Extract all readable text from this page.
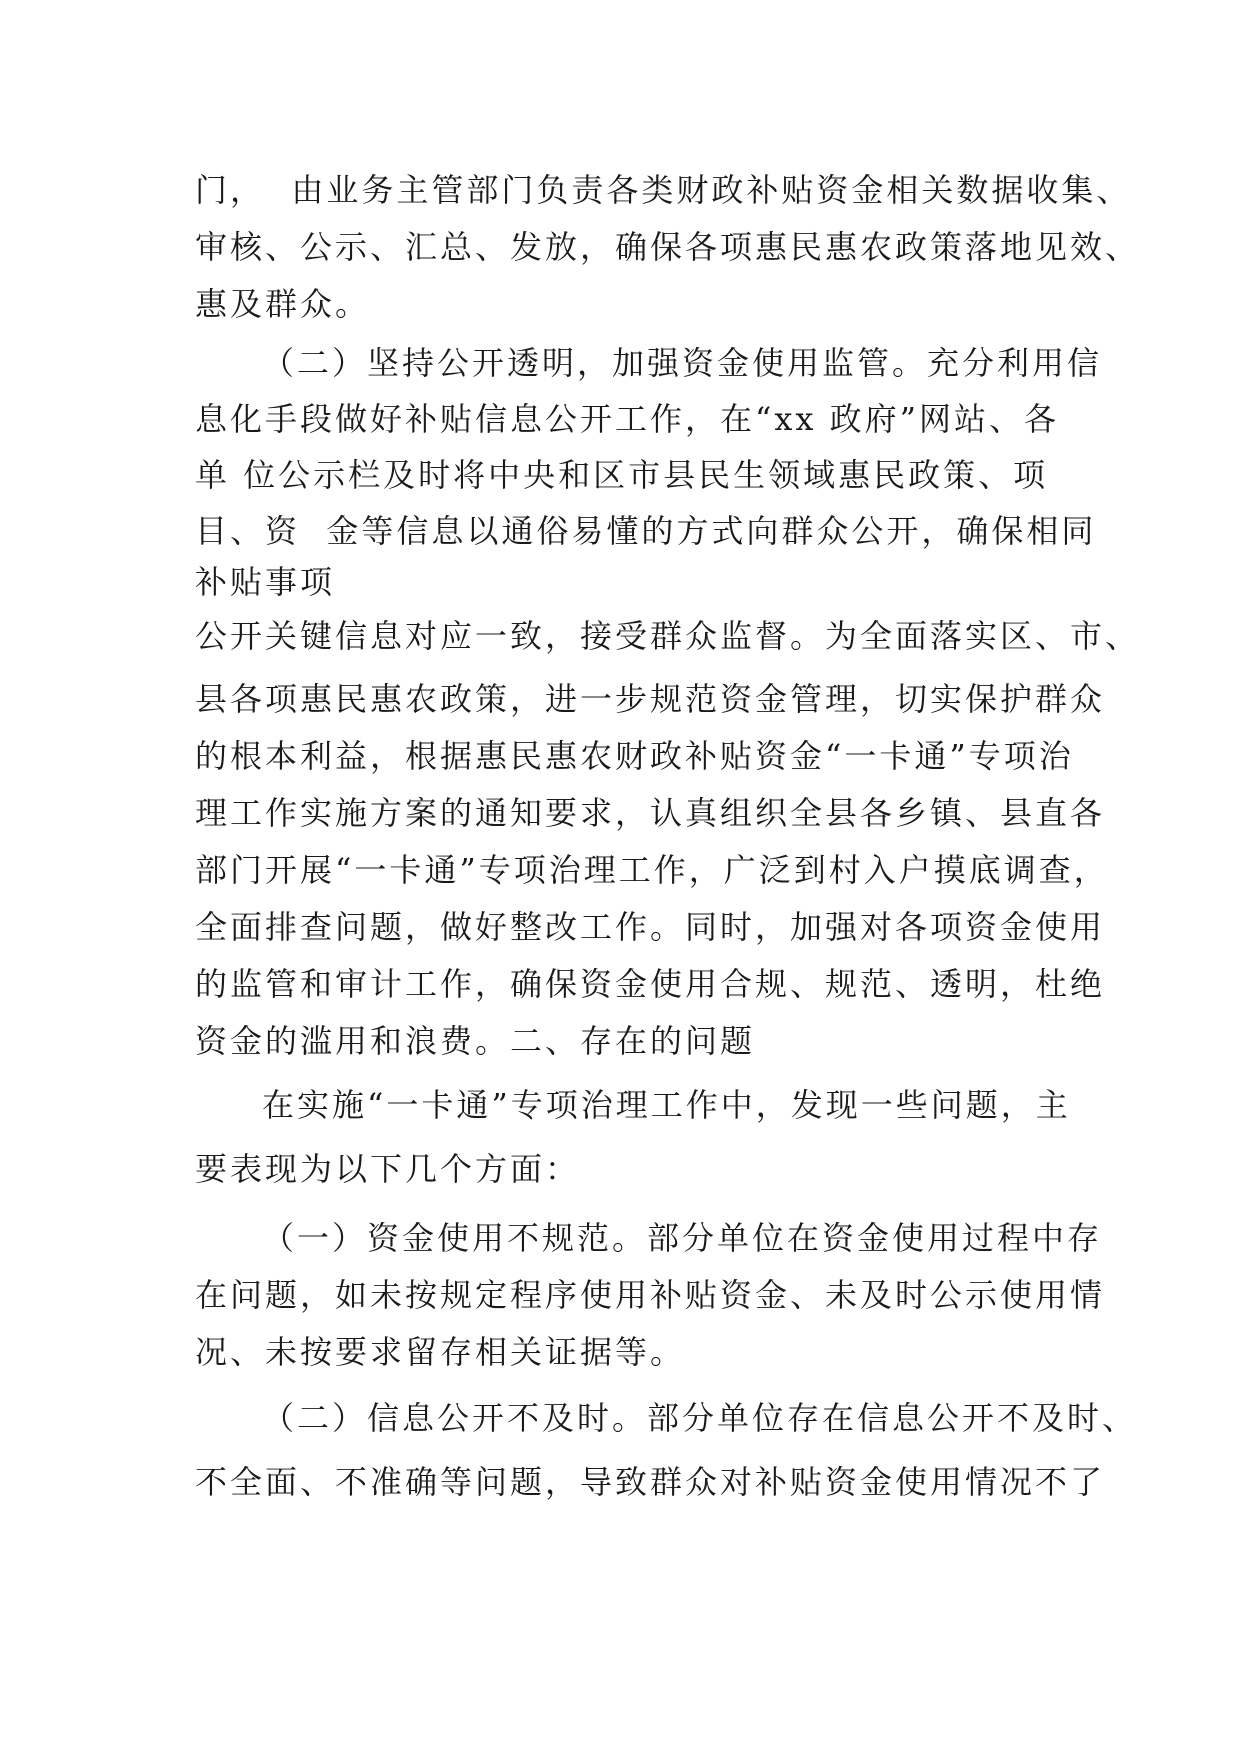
门，  由业务主管部门负责各类财政补贴资金相关数据收集、
审核、公示、汇总、发放，确保各项惠民惠农政策落地见效、
惠及群众。
（二）坚持公开透明，加强资金使用监管。充分利用信
息化手段做好补贴信息公开工作，在“xx 政府”网站、各
单 位公示栏及时将中央和区市县民生领域惠民政策、项
目、资  金等信息以通俗易懂的方式向群众公开，确保相同
补贴事项
公开关键信息对应一致，接受群众监督。为全面落实区、市、
县各项惠民惠农政策，进一步规范资金管理，切实保护群众
的根本利益，根据惠民惠农财政补贴资金“一卡通”专项治
理工作实施方案的通知要求，认真组织全县各乡镇、县直各
部门开展“一卡通”专项治理工作，广泛到村入户摸底调查，
全面排查问题，做好整改工作。同时，加强对各项资金使用
的监管和审计工作，确保资金使用合规、规范、透明，杜绝
资金的滥用和浪费。二、存在的问题
在实施“一卡通”专项治理工作中，发现一些问题，主
要表现为以下几个方面：
（一）资金使用不规范。部分单位在资金使用过程中存
在问题，如未按规定程序使用补贴资金、未及时公示使用情
况、未按要求留存相关证据等。
（二）信息公开不及时。部分单位存在信息公开不及时、
不全面、不准确等问题，导致群众对补贴资金使用情况不了
